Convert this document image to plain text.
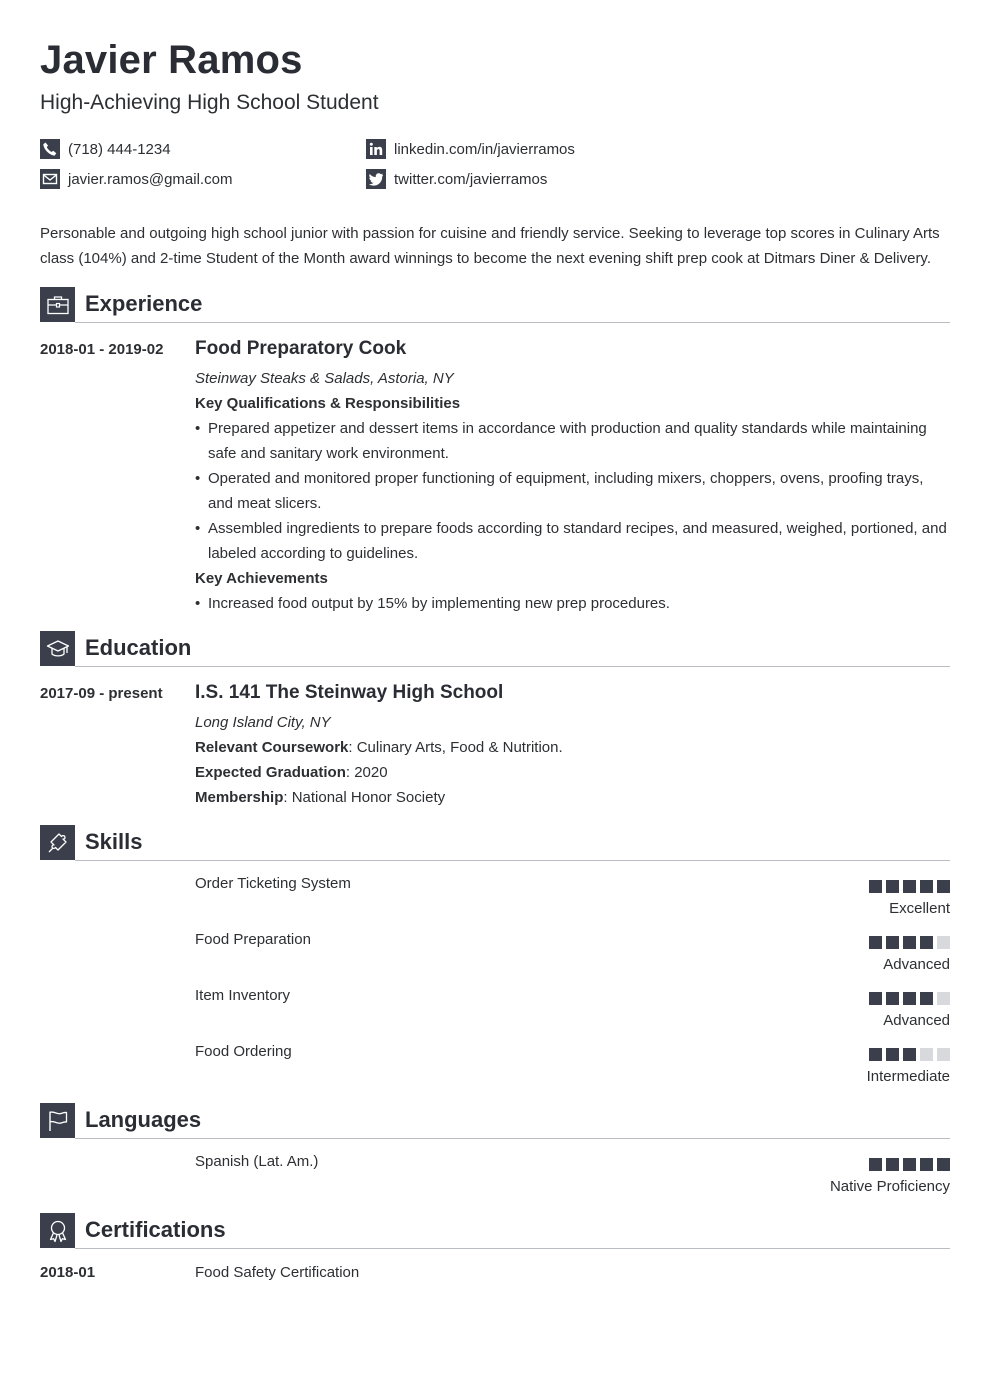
Javier Ramos
High-Achieving High School Student
(718) 444-1234
javier.ramos@gmail.com
linkedin.com/in/javierramos
twitter.com/javierramos
Personable and outgoing high school junior with passion for cuisine and friendly service. Seeking to leverage top scores in Culinary Arts class (104%) and 2-time Student of the Month award winnings to become the next evening shift prep cook at Ditmars Diner & Delivery.
Experience
2018-01 - 2019-02 Food Preparatory Cook
Steinway Steaks & Salads, Astoria, NY
Key Qualifications & Responsibilities
• Prepared appetizer and dessert items in accordance with production and quality standards while maintaining safe and sanitary work environment.
• Operated and monitored proper functioning of equipment, including mixers, choppers, ovens, proofing trays, and meat slicers.
• Assembled ingredients to prepare foods according to standard recipes, and measured, weighed, portioned, and labeled according to guidelines.
Key Achievements
• Increased food output by 15% by implementing new prep procedures.
Education
2017-09 - present I.S. 141 The Steinway High School
Long Island City, NY
Relevant Coursework: Culinary Arts, Food & Nutrition.
Expected Graduation: 2020
Membership: National Honor Society
Skills
Order Ticketing System
Excellent
Food Preparation
Advanced
Item Inventory
Advanced
Food Ordering
Intermediate
Languages
Spanish (Lat. Am.)
Native Proficiency
Certifications
2018-01	Food Safety Certification
